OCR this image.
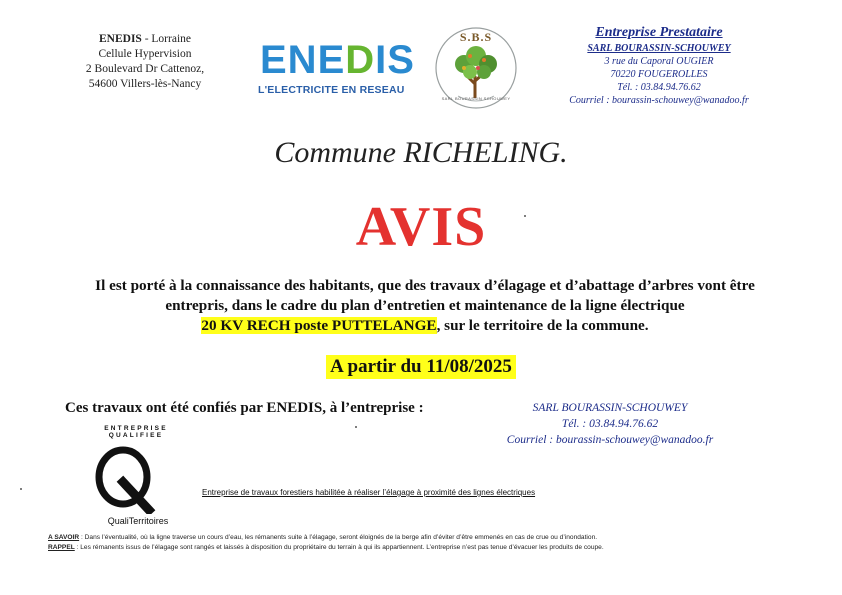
ENEDIS - Lorraine
Cellule Hypervision
2 Boulevard Dr Cattenoz,
54600 Villers-lès-Nancy
ENEDIS
L'ELECTRICITE EN RESEAU
S.B.S
SARL BOURASSIN SCHOUWEY
Entreprise Prestataire
SARL BOURASSIN-SCHOUWEY
3 rue du Caporal OUGIER
70220 FOUGEROLLES
Tél. : 03.84.94.76.62
Courriel : bourassin-schouwey@wanadoo.fr
Commune RICHELING.
AVIS
Il est porté à la connaissance des habitants, que des travaux d’élagage et d’abattage d’arbres vont être
entrepris, dans le cadre du plan d’entretien et maintenance de la ligne électrique
20 KV RECH poste PUTTELANGE, sur le territoire de la commune.
A partir du 11/08/2025
Ces travaux ont été confiés par ENEDIS, à l’entreprise :	SARL BOURASSIN-SCHOUWEY
Tél. : 03.84.94.76.62
Courriel : bourassin-schouwey@wanadoo.fr
ENTREPRISE
QUALIFIEE
QualiTerritoires
Entreprise de travaux forestiers habilitée à réaliser l’élagage à proximité des lignes électriques
A SAVOIR : Dans l’éventualité, où la ligne traverse un cours d’eau, les rémanents suite à l’élagage, seront éloignés de la berge afin d’éviter d’être emmenés en cas de crue ou d’inondation.
RAPPEL : Les rémanents issus de l’élagage sont rangés et laissés à disposition du propriétaire du terrain à qui ils appartiennent. L’entreprise n’est pas tenue d’évacuer les produits de coupe.
